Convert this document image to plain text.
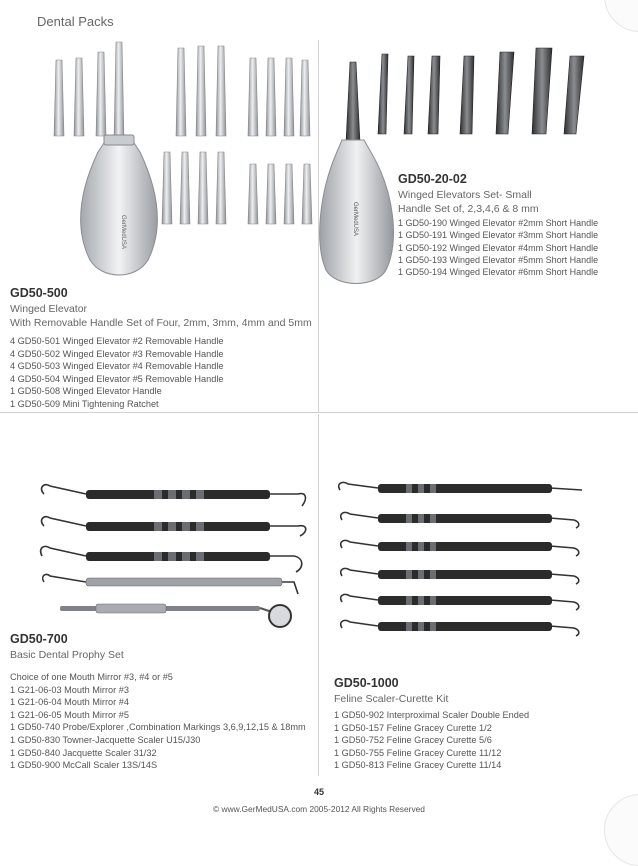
Dental Packs
GerMedUSA	GerMedUSA
GD50-500
Winged Elevator
With Removable Handle Set of Four, 2mm, 3mm, 4mm and 5mm
4 GD50-501 Winged Elevator #2 Removable Handle
4 GD50-502 Winged Elevator #3 Removable Handle
4 GD50-503 Winged Elevator #4 Removable Handle
4 GD50-504 Winged Elevator #5 Removable Handle
1 GD50-508 Winged Elevator Handle
1 GD50-509 Mini Tightening Ratchet
GD50-20-02
Winged Elevators Set- Small
Handle Set of, 2,3,4,6 & 8 mm
1 GD50-190 Winged Elevator #2mm Short Handle
1 GD50-191 Winged Elevator #3mm Short Handle
1 GD50-192 Winged Elevator #4mm Short Handle
1 GD50-193 Winged Elevator #5mm Short Handle
1 GD50-194 Winged Elevator #6mm Short Handle
GD50-700
Basic Dental Prophy Set
Choice of one Mouth Mirror #3, #4 or #5
1 G21-06-03 Mouth Mirror #3
1 G21-06-04 Mouth Mirror #4
1 G21-06-05 Mouth Mirror #5
1 GD50-740 Probe/Explorer ,Combination Markings 3,6,9,12,15 & 18mm
1 GD50-830 Towner-Jacquette Scaler U15/J30
1 GD50-840 Jacquette Scaler 31/32
1 GD50-900 McCall Scaler 13S/14S
GD50-1000
Feline Scaler-Curette Kit
1 GD50-902 Interproximal Scaler Double Ended
1 GD50-157 Feline Gracey Curette 1/2
1 GD50-752 Feline Gracey Curette 5/6
1 GD50-755 Feline Gracey Curette 11/12
1 GD50-813 Feline Gracey Curette 11/14
45
© www.GerMedUSA.com 2005-2012 All Rights Reserved
